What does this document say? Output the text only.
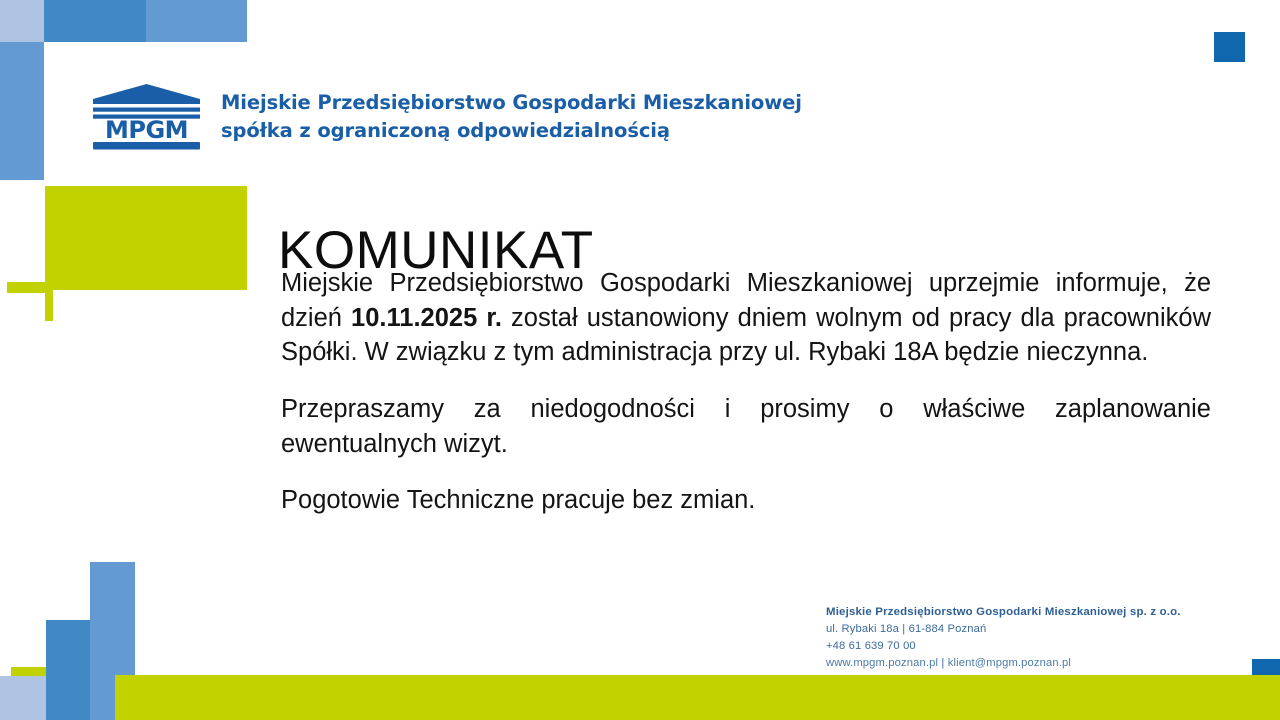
MPGM
Miejskie Przedsiębiorstwo Gospodarki Mieszkaniowej
spółka z ograniczoną odpowiedzialnością
KOMUNIKAT

Miejskie Przedsiębiorstwo Gospodarki Mieszkaniowej uprzejmie informuje, że dzień 10.11.2025 r. został ustanowiony dniem wolnym od pracy dla pracowników Spółki. W związku z tym administracja przy ul. Rybaki 18A będzie nieczynna.

Przepraszamy za niedogodności i prosimy o właściwe zaplanowanie ewentualnych wizyt.

Pogotowie Techniczne pracuje bez zmian.

Miejskie Przedsiębiorstwo Gospodarki Mieszkaniowej sp. z o.o.
ul. Rybaki 18a | 61-884 Poznań
+48 61 639 70 00
www.mpgm.poznan.pl | klient@mpgm.poznan.pl
